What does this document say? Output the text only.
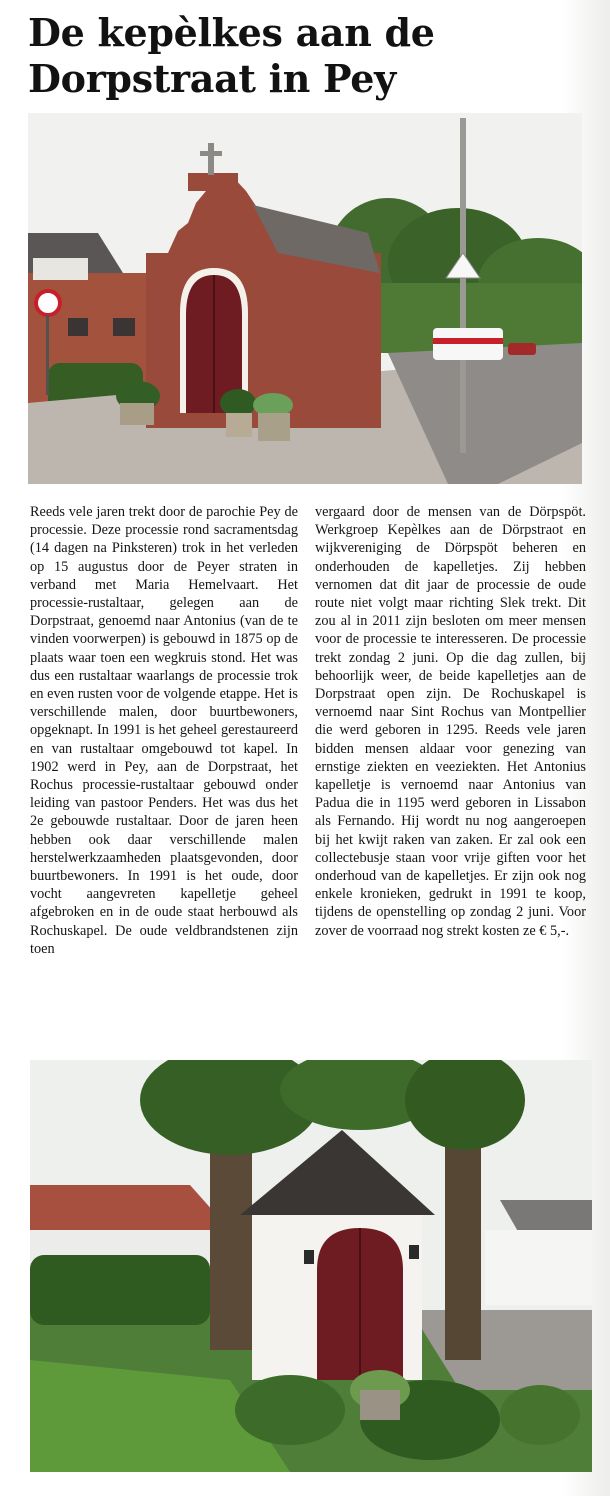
De kepèlkes aan de Dorpstraat in Pey

Reeds vele jaren trekt door de parochie Pey de processie. Deze processie rond sacramentsdag (14 dagen na Pinksteren) trok in het verleden op 15 augustus door de Peyer straten in verband met Maria Hemelvaart. Het processie-rustaltaar, gelegen aan de Dorpstraat, genoemd naar Antonius (van de te vinden voorwerpen) is gebouwd in 1875 op de plaats waar toen een wegkruis stond. Het was dus een rustaltaar waarlangs de processie trok en even rusten voor de volgende etappe. Het is verschillende malen, door buurtbewoners, opgeknapt. In 1991 is het geheel gerestaureerd en van rustaltaar omgebouwd tot kapel. In 1902 werd in Pey, aan de Dorpstraat, het Rochus processie-rustaltaar gebouwd onder leiding van pastoor Penders. Het was dus het 2e gebouwde rustaltaar. Door de jaren heen hebben ook daar verschillende malen herstelwerkzaamheden plaatsgevonden, door buurtbewoners. In 1991 is het oude, door vocht aangevreten kapelletje geheel afgebroken en in de oude staat herbouwd als Rochuskapel. De oude veldbrandstenen zijn toen

vergaard door de mensen van de Dörpspöt. Werkgroep Kepèlkes aan de Dörpstraot en wijkvereniging de Dörpspöt beheren en onderhouden de kapelletjes. Zij hebben vernomen dat dit jaar de processie de oude route niet volgt maar richting Slek trekt. Dit zou al in 2011 zijn besloten om meer mensen voor de processie te interesseren. De processie trekt zondag 2 juni. Op die dag zullen, bij behoorlijk weer, de beide kapelletjes aan de Dorpstraat open zijn. De Rochuskapel is vernoemd naar Sint Rochus van Montpellier die werd geboren in 1295. Reeds vele jaren bidden mensen aldaar voor genezing van ernstige ziekten en veeziekten. Het Antonius kapelletje is vernoemd naar Antonius van Padua die in 1195 werd geboren in Lissabon als Fernando. Hij wordt nu nog aangeroepen bij het kwijt raken van zaken. Er zal ook een collectebusje staan voor vrije giften voor het onderhoud van de kapelletjes. Er zijn ook nog enkele kronieken, gedrukt in 1991 te koop, tijdens de openstelling op zondag 2 juni. Voor zover de voorraad nog strekt kosten ze € 5,-.
